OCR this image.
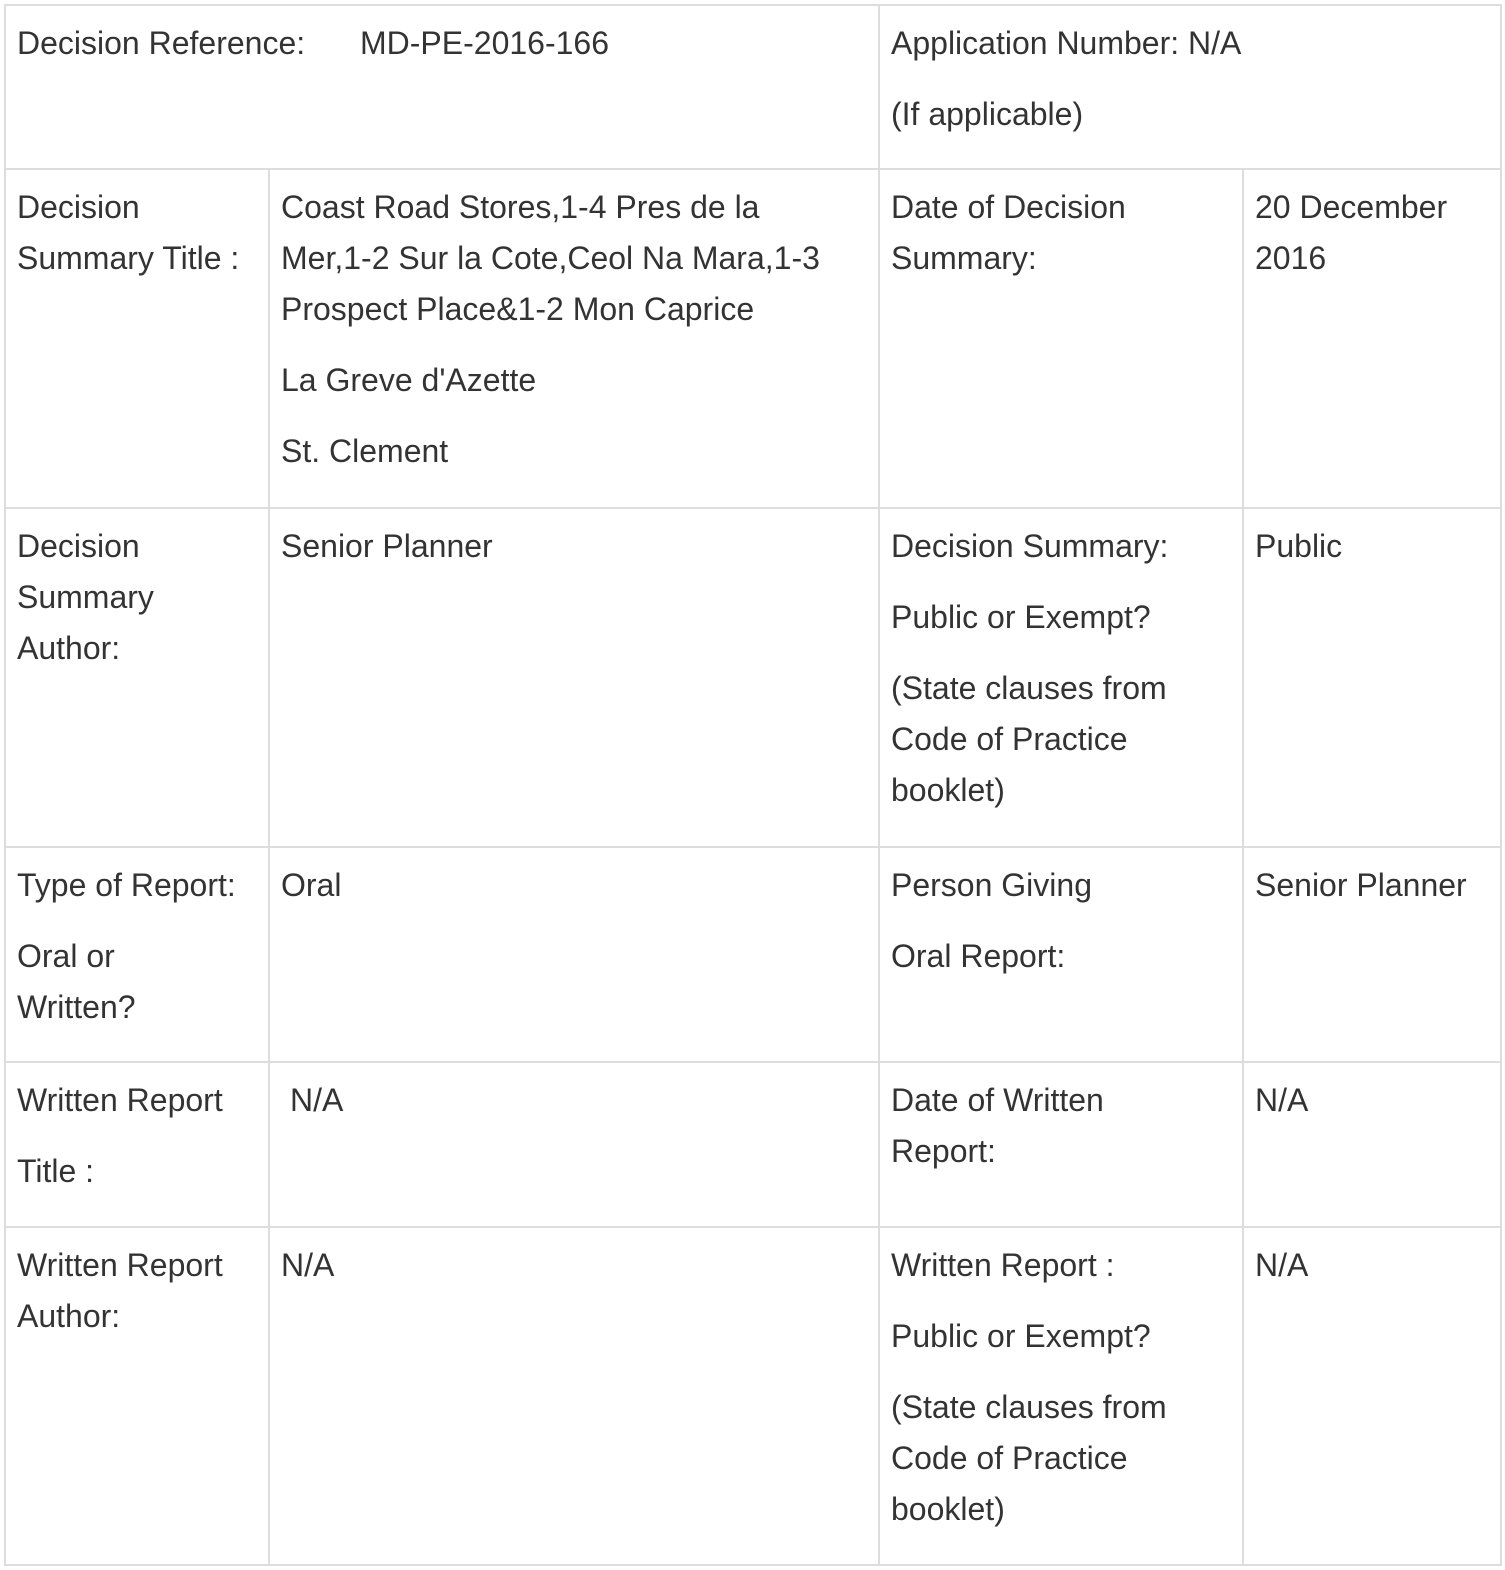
Decision Reference: MD-PE-2016-166		Application Number: N/A
(If applicable)	

Decision
Summary Title :	Coast Road Stores,1-4 Pres de la
Mer,1-2 Sur la Cote,Ceol Na Mara,1-3
Prospect Place&1-2 Mon Caprice
La Greve d'Azette
St. Clement	Date of Decision
Summary:	20 December
2016

Decision
Summary
Author:	Senior Planner	Decision Summary:
Public or Exempt?
(State clauses from
Code of Practice
booklet)	Public

Type of Report:
Oral or
Written?	Oral	Person Giving
Oral Report:	Senior Planner

Written Report
Title :	N/A	Date of Written
Report:	N/A

Written Report
Author:	N/A	Written Report :
Public or Exempt?
(State clauses from
Code of Practice
booklet)	N/A
